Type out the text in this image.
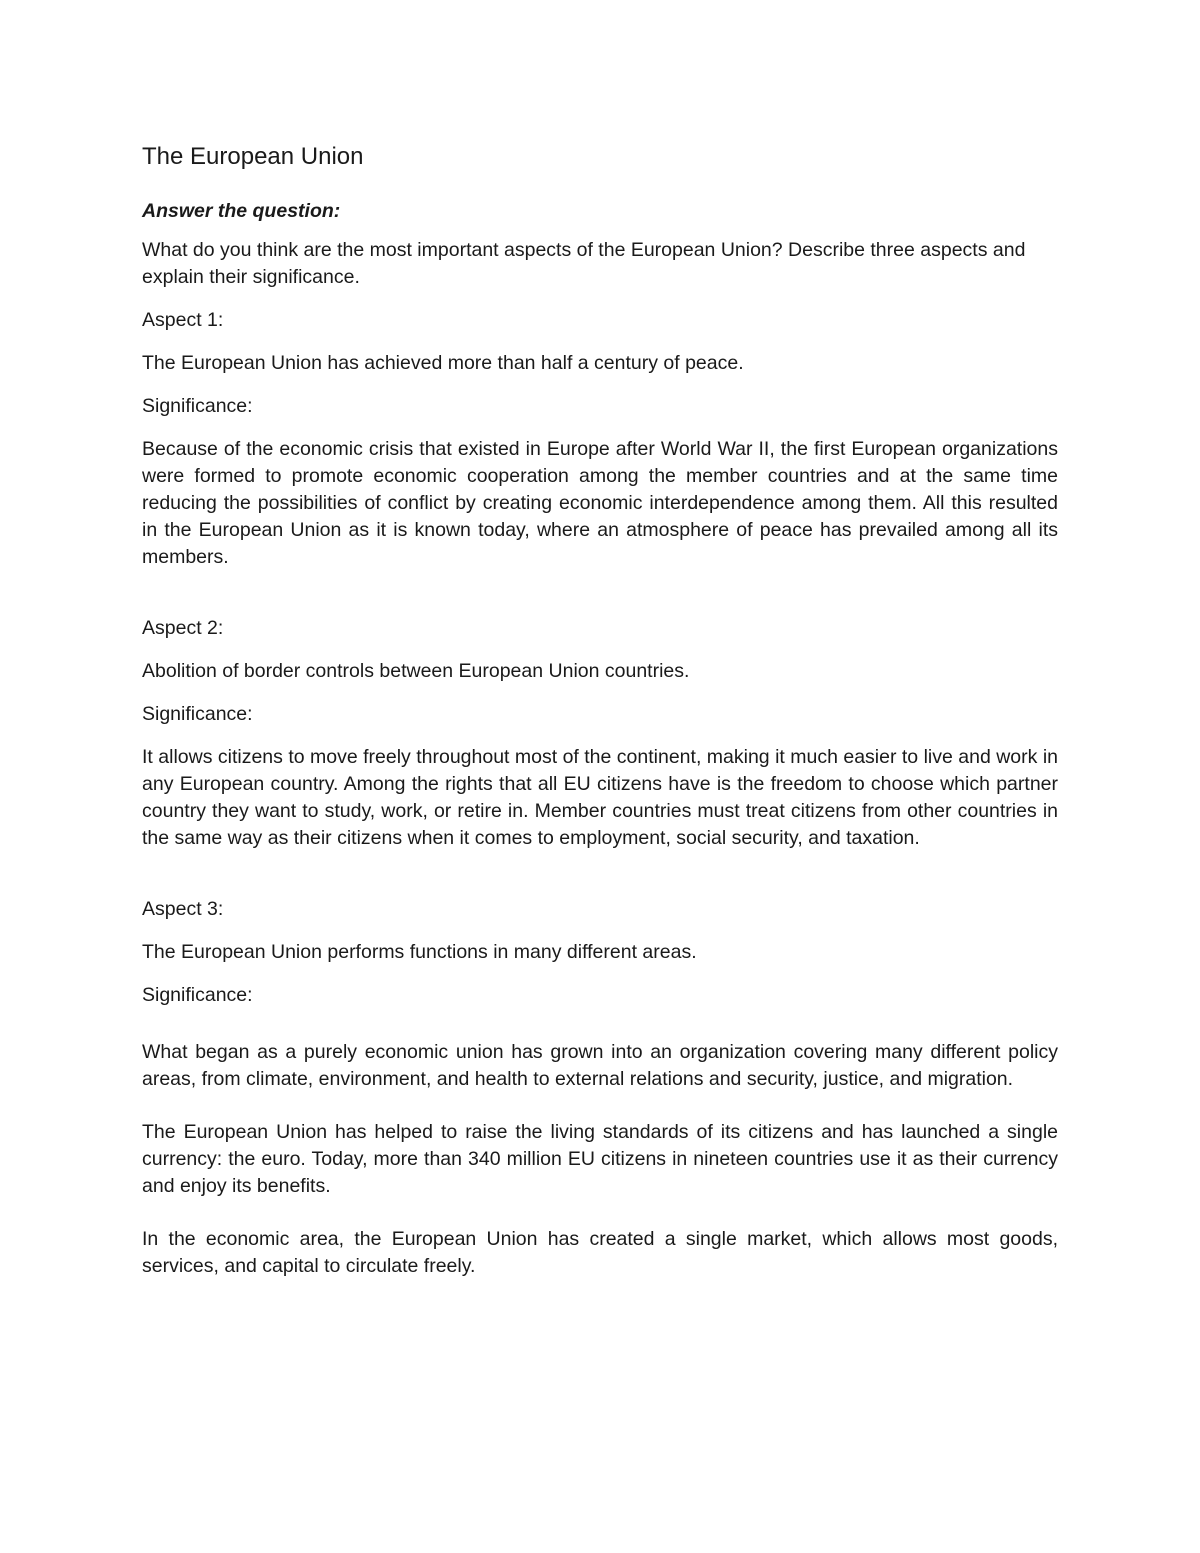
The European Union
Answer the question:

What do you think are the most important aspects of the European Union? Describe three aspects and explain their significance.

Aspect 1:

The European Union has achieved more than half a century of peace.

Significance:

Because of the economic crisis that existed in Europe after World War II, the first European organizations were formed to promote economic cooperation among the member countries and at the same time reducing the possibilities of conflict by creating economic interdependence among them. All this resulted in the European Union as it is known today, where an atmosphere of peace has prevailed among all its members.

Aspect 2:

Abolition of border controls between European Union countries.

Significance:

It allows citizens to move freely throughout most of the continent, making it much easier to live and work in any European country. Among the rights that all EU citizens have is the freedom to choose which partner country they want to study, work, or retire in. Member countries must treat citizens from other countries in the same way as their citizens when it comes to employment, social security, and taxation.

Aspect 3:

The European Union performs functions in many different areas.

Significance:

What began as a purely economic union has grown into an organization covering many different policy areas, from climate, environment, and health to external relations and security, justice, and migration.

The European Union has helped to raise the living standards of its citizens and has launched a single currency: the euro. Today, more than 340 million EU citizens in nineteen countries use it as their currency and enjoy its benefits.

In the economic area, the European Union has created a single market, which allows most goods, services, and capital to circulate freely.
